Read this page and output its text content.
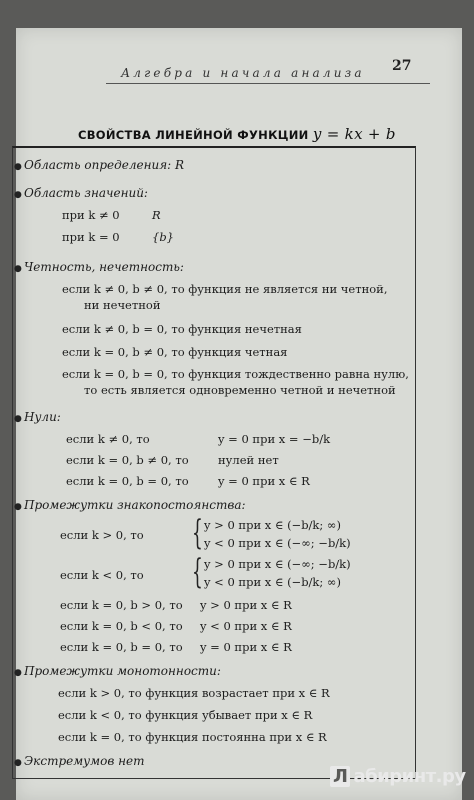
Алгебра и начала анализа 27
СВОЙСТВА ЛИНЕЙНОЙ ФУНКЦИИ y = kx + b
● Область определения: R
● Область значений:
при k ≠ 0	R
при k = 0	{b}
● Четность, нечетность:
если k ≠ 0, b ≠ 0, то функция не является ни четной,
ни нечетной
если k ≠ 0, b = 0, то функция нечетная
если k = 0, b ≠ 0, то функция четная
если k = 0, b = 0, то функция тождественно равна нулю,
то есть является одновременно четной и нечетной
● Нули:
если k ≠ 0, то	y = 0 при x = −b/k
если k = 0, b ≠ 0, то	нулей нет
если k = 0, b = 0, то	y = 0 при x ∈ R
● Промежутки знакопостоянства:
если k > 0, то { y > 0 при x ∈ (−b/k; ∞)
y < 0 при x ∈ (−∞; −b/k)
если k < 0, то { y > 0 при x ∈ (−∞; −b/k)
y < 0 при x ∈ (−b/k; ∞)
если k = 0, b > 0, то y > 0 при x ∈ R
если k = 0, b < 0, то y < 0 при x ∈ R
если k = 0, b = 0, то y = 0 при x ∈ R
● Промежутки монотонности:
если k > 0, то функция возрастает при x ∈ R
если k < 0, то функция убывает при x ∈ R
если k = 0, то функция постоянна при x ∈ R
● Экстремумов нет
Л абиринт.ру
